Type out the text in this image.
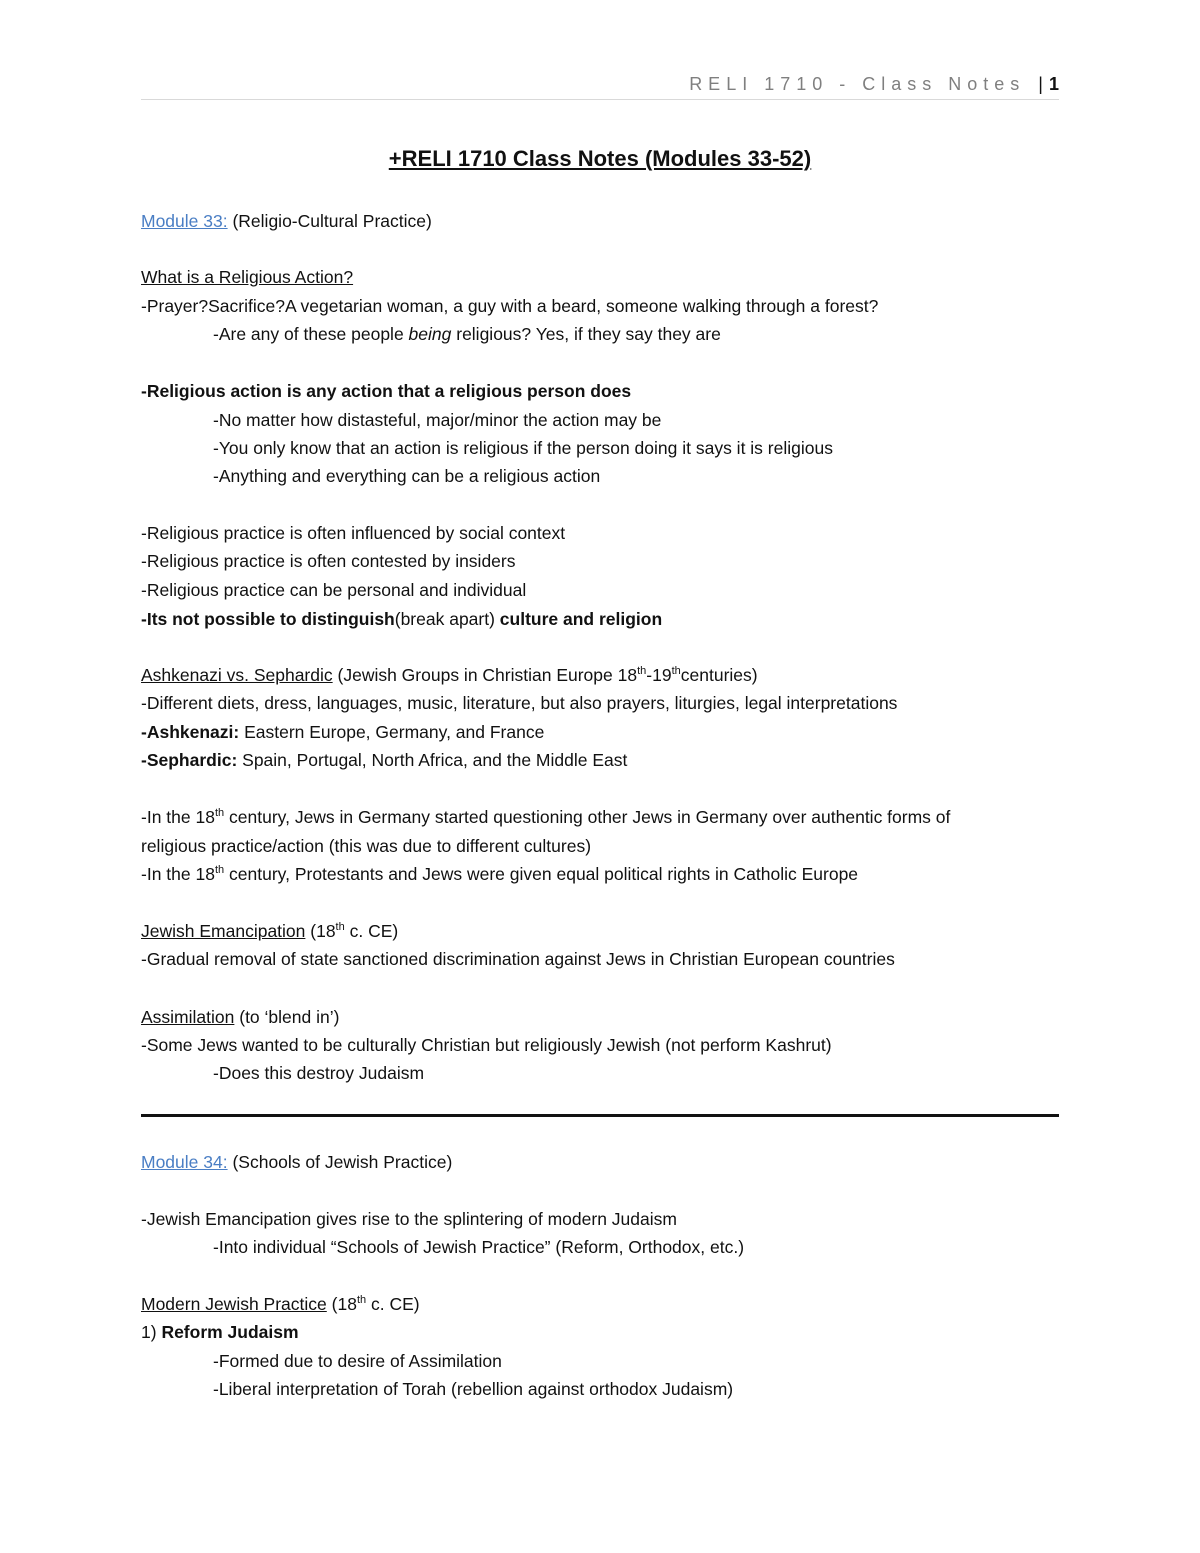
RELI 1710 - Class Notes | 1
+RELI 1710 Class Notes (Modules 33-52)
Module 33: (Religio-Cultural Practice)
What is a Religious Action?
-Prayer?Sacrifice?A vegetarian woman, a guy with a beard, someone walking through a forest?
-Are any of these people being religious? Yes, if they say they are
-Religious action is any action that a religious person does
-No matter how distasteful, major/minor the action may be
-You only know that an action is religious if the person doing it says it is religious
-Anything and everything can be a religious action
-Religious practice is often influenced by social context
-Religious practice is often contested by insiders
-Religious practice can be personal and individual
-Its not possible to distinguish(break apart) culture and religion
Ashkenazi vs. Sephardic (Jewish Groups in Christian Europe 18th-19thcenturies)
-Different diets, dress, languages, music, literature, but also prayers, liturgies, legal interpretations
-Ashkenazi: Eastern Europe, Germany, and France
-Sephardic: Spain, Portugal, North Africa, and the Middle East
-In the 18th century, Jews in Germany started questioning other Jews in Germany over authentic forms of
religious practice/action (this was due to different cultures)
-In the 18th century, Protestants and Jews were given equal political rights in Catholic Europe
Jewish Emancipation (18th c. CE)
-Gradual removal of state sanctioned discrimination against Jews in Christian European countries
Assimilation (to ‘blend in’)
-Some Jews wanted to be culturally Christian but religiously Jewish (not perform Kashrut)
-Does this destroy Judaism
Module 34: (Schools of Jewish Practice)
-Jewish Emancipation gives rise to the splintering of modern Judaism
-Into individual “Schools of Jewish Practice” (Reform, Orthodox, etc.)
Modern Jewish Practice (18th c. CE)
1) Reform Judaism
-Formed due to desire of Assimilation
-Liberal interpretation of Torah (rebellion against orthodox Judaism)
